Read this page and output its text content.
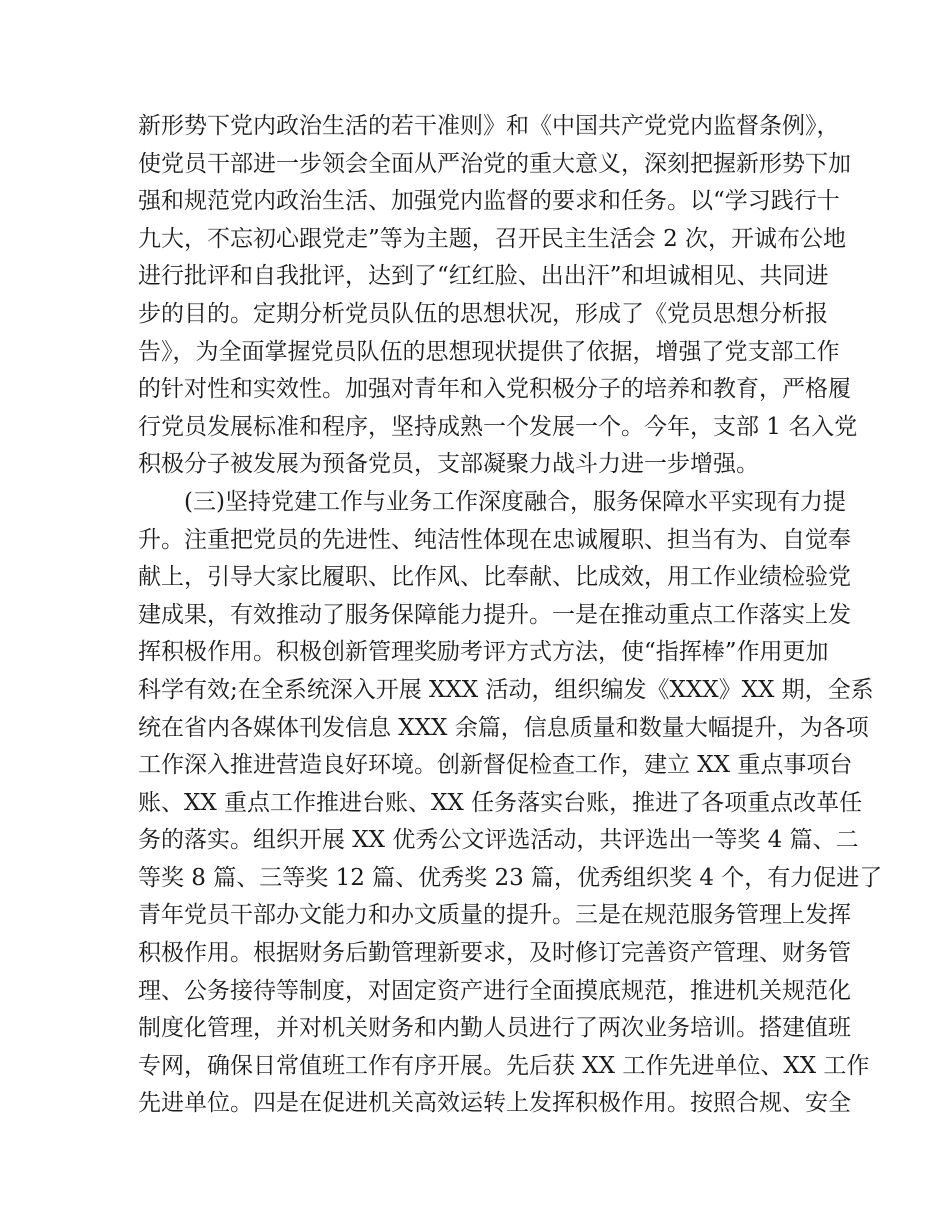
新形势下党内政治生活的若干准则》和《中国共产党党内监督条例》，
使党员干部进一步领会全面从严治党的重大意义，深刻把握新形势下加
强和规范党内政治生活、加强党内监督的要求和任务。以“学习践行十
九大，不忘初心跟党走”等为主题，召开民主生活会 2 次，开诚布公地
进行批评和自我批评，达到了“红红脸、出出汗”和坦诚相见、共同进
步的目的。定期分析党员队伍的思想状况，形成了《党员思想分析报
告》，为全面掌握党员队伍的思想现状提供了依据，增强了党支部工作
的针对性和实效性。加强对青年和入党积极分子的培养和教育，严格履
行党员发展标准和程序，坚持成熟一个发展一个。今年，支部 1 名入党
积极分子被发展为预备党员，支部凝聚力战斗力进一步增强。
(三)坚持党建工作与业务工作深度融合，服务保障水平实现有力提
升。注重把党员的先进性、纯洁性体现在忠诚履职、担当有为、自觉奉
献上，引导大家比履职、比作风、比奉献、比成效，用工作业绩检验党
建成果，有效推动了服务保障能力提升。一是在推动重点工作落实上发
挥积极作用。积极创新管理奖励考评方式方法，使“指挥棒”作用更加
科学有效;在全系统深入开展 XXX 活动，组织编发《XXX》XX 期，全系
统在省内各媒体刊发信息 XXX 余篇，信息质量和数量大幅提升，为各项
工作深入推进营造良好环境。创新督促检查工作，建立 XX 重点事项台
账、XX 重点工作推进台账、XX 任务落实台账，推进了各项重点改革任
务的落实。组织开展 XX 优秀公文评选活动，共评选出一等奖 4 篇、二
等奖 8 篇、三等奖 12 篇、优秀奖 23 篇，优秀组织奖 4 个，有力促进了
青年党员干部办文能力和办文质量的提升。三是在规范服务管理上发挥
积极作用。根据财务后勤管理新要求，及时修订完善资产管理、财务管
理、公务接待等制度，对固定资产进行全面摸底规范，推进机关规范化
制度化管理，并对机关财务和内勤人员进行了两次业务培训。搭建值班
专网，确保日常值班工作有序开展。先后获 XX 工作先进单位、XX 工作
先进单位。四是在促进机关高效运转上发挥积极作用。按照合规、安全
